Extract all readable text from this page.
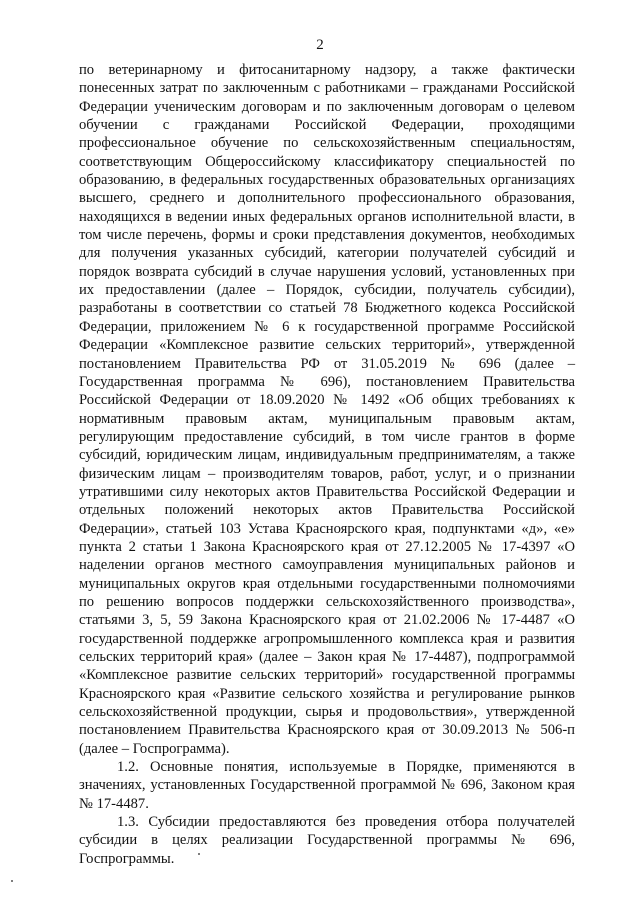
2

по ветеринарному и фитосанитарному надзору, а также фактически понесенных затрат по заключенным с работниками – гражданами Российской Федерации ученическим договорам и по заключенным договорам о целевом обучении с гражданами Российской Федерации, проходящими профессиональное обучение по сельскохозяйственным специальностям, соответствующим Общероссийскому классификатору специальностей по образованию, в федеральных государственных образовательных организациях высшего, среднего и дополнительного профессионального образования, находящихся в ведении иных федеральных органов исполнительной власти, в том числе перечень, формы и сроки представления документов, необходимых для получения указанных субсидий, категории получателей субсидий и порядок возврата субсидий в случае нарушения условий, установленных при их предоставлении (далее – Порядок, субсидии, получатель субсидии), разработаны в соответствии со статьей 78 Бюджетного кодекса Российской Федерации, приложением № 6 к государственной программе Российской Федерации «Комплексное развитие сельских территорий», утвержденной постановлением Правительства РФ от 31.05.2019 № 696 (далее – Государственная программа № 696), постановлением Правительства Российской Федерации от 18.09.2020 № 1492 «Об общих требованиях к нормативным правовым актам, муниципальным правовым актам, регулирующим предоставление субсидий, в том числе грантов в форме субсидий, юридическим лицам, индивидуальным предпринимателям, а также физическим лицам – производителям товаров, работ, услуг, и о признании утратившими силу некоторых актов Правительства Российской Федерации и отдельных положений некоторых актов Правительства Российской Федерации», статьей 103 Устава Красноярского края, подпунктами «д», «е» пункта 2 статьи 1 Закона Красноярского края от 27.12.2005 № 17-4397 «О наделении органов местного самоуправления муниципальных районов и муниципальных округов края отдельными государственными полномочиями по решению вопросов поддержки сельскохозяйственного производства», статьями 3, 5, 59 Закона Красноярского края от 21.02.2006 № 17-4487 «О государственной поддержке агропромышленного комплекса края и развития сельских территорий края» (далее – Закон края № 17-4487), подпрограммой «Комплексное развитие сельских территорий» государственной программы Красноярского края «Развитие сельского хозяйства и регулирование рынков сельскохозяйственной продукции, сырья и продовольствия», утвержденной постановлением Правительства Красноярского края от 30.09.2013 № 506-п (далее – Госпрограмма).

1.2. Основные понятия, используемые в Порядке, применяются в значениях, установленных Государственной программой № 696, Законом края № 17-4487.

1.3. Субсидии предоставляются без проведения отбора получателей субсидии в целях реализации Государственной программы № 696, Госпрограммы.
